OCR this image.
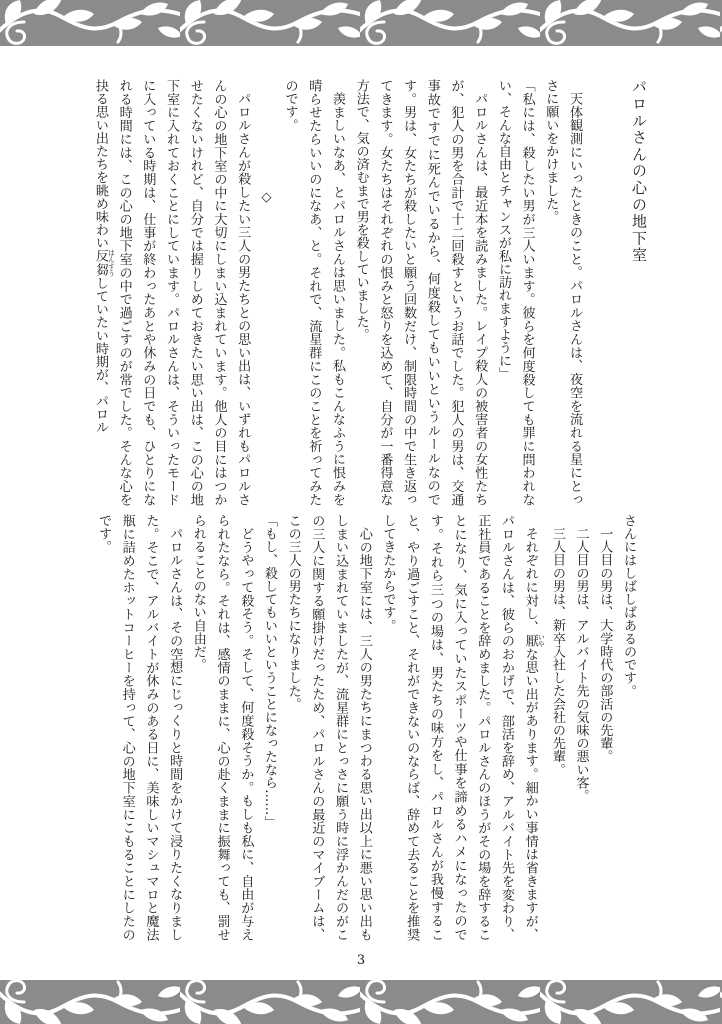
パロルさんの心の地下室

天体観測にいったときのこと。パロルさんは、夜空を流れる星にとっさに願いをかけました。

「私には、殺したい男が三人います。彼らを何度殺しても罪に問われない、そんな自由とチャンスが私に訪れますように」

パロルさんは、最近本を読みました。レイプ殺人の被害者の女性たちが、犯人の男を合計で十二回殺すというお話でした。犯人の男は、交通事故ですでに死んでいるから、何度殺してもいいというルールなのです。男は、女たちが殺したいと願う回数だけ、制限時間の中で生き返ってきます。女たちはそれぞれの恨みと怒りを込めて、自分が一番得意な方法で、気の済むまで男を殺していました。

羨ましいなあ、とパロルさんは思いました。私もこんなふうに恨みを晴らせたらいいのになあ、と。それで、流星群にこのことを祈ってみたのです。

◇

パロルさんが殺したい三人の男たちとの思い出は、いずれもパロルさんの心の地下室の中に大切にしまい込まれています。他人の目にはつかせたくないけれど、自分では握りしめておきたい思い出は、この心の地下室に入れておくことにしています。パロルさんは、そういったモードに入っている時期は、仕事が終わったあとや休みの日でも、ひとりになれる時間には、この心の地下室の中で過ごすのが常でした。そんな心を抉る思い出たちを眺め味わい反芻 はんすうしていたい時期が、パロル

さんにはしばしばあるのです。

一人目の男は、大学時代の部活の先輩。

二人目の男は、アルバイト先の気味の悪い客。

三人目の男は、新卒入社した会社の先輩。

それぞれに対し、厭 いやな思い出があります。細かい事情は省きますが、パロルさんは、彼らのおかげで、部活を辞め、アルバイト先を変わり、正社員であることを辞めました。パロルさんのほうがその場を辞することになり、気に入っていたスポーツや仕事を諦めるハメになったのです。それら三つの場は、男たちの味方をし、パロルさんが我慢すること、やり過ごすこと、それができないのならば、辞めて去ることを推奨してきたからです。

心の地下室には、三人の男たちにまつわる思い出以上に悪い思い出もしまい込まれていましたが、流星群にとっさに願う時に浮かんだのがこの三人に関する願掛けだったため、パロルさんの最近のマイブームは、この三人の男たちになりました。

「もし、殺してもいいということになったなら……」

どうやって殺そう。そして、何度殺そうか。もしも私に、自由が与えられたなら。それは、感情のままに、心の赴くままに振舞っても、罰せられることのない自由だ。

パロルさんは、その空想にじっくりと時間をかけて浸りたくなりました。そこで、アルバイトが休みのある日に、美味しいマシュマロと魔法瓶に詰めたホットコーヒーを持って、心の地下室にこもることにしたのです。

3
